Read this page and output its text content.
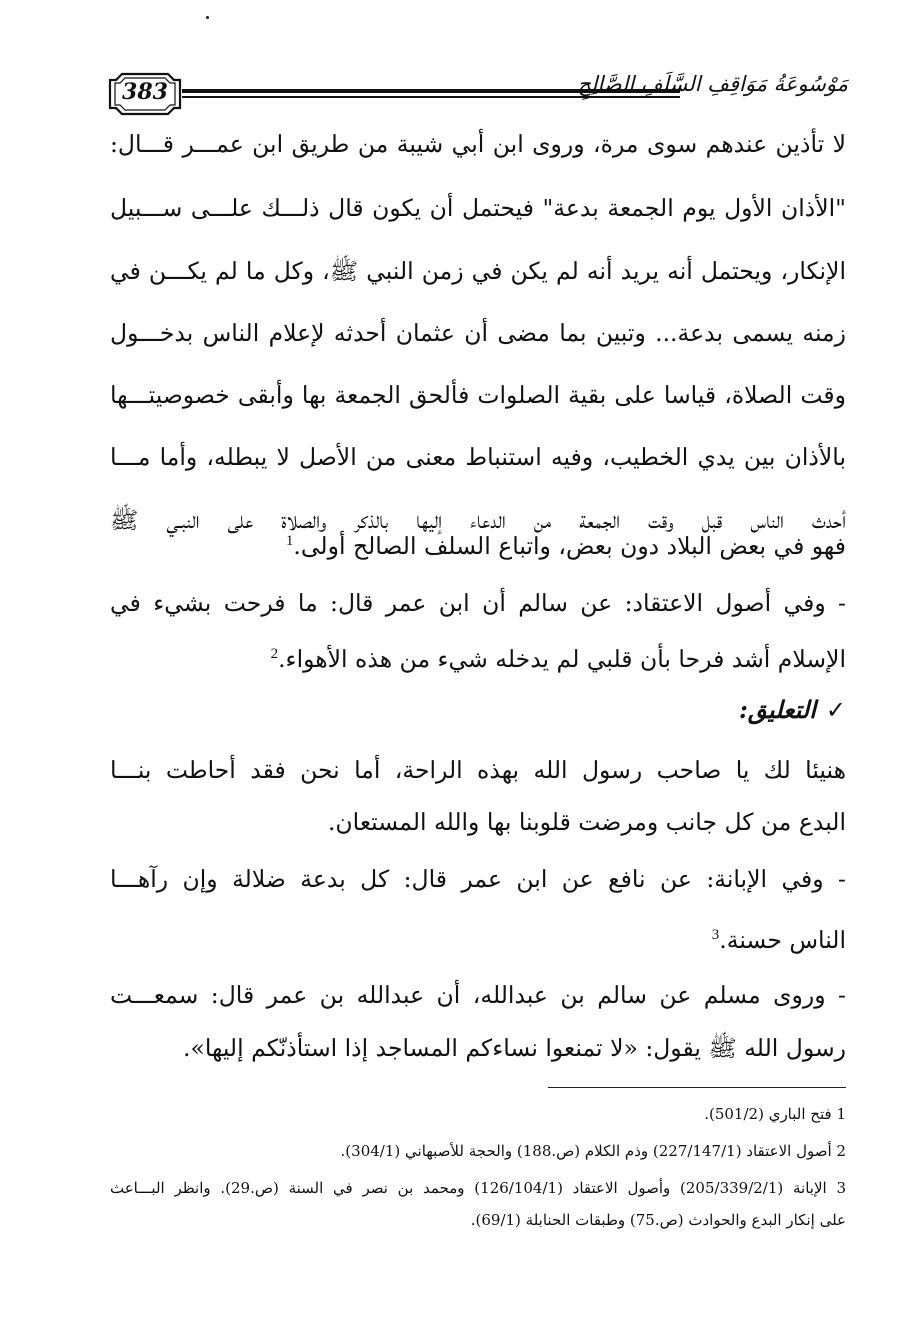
383	مَوْسُوعَةُ مَوَاقِفِ السَّلَفِ الصَّالِحِ
لا تأذين عندهم سوى مرة، وروى ابن أبي شيبة من طريق ابن عمـــر قـــال:
"الأذان الأول يوم الجمعة بدعة" فيحتمل أن يكون قال ذلـــك علـــى ســـبيل
الإنكار، ويحتمل أنه يريد أنه لم يكن في زمن النبي ﷺ، وكل ما لم يكـــن في
زمنه يسمى بدعة... وتبين بما مضى أن عثمان أحدثه لإعلام الناس بدخـــول
وقت الصلاة، قياسا على بقية الصلوات فألحق الجمعة بها وأبقى خصوصيتـــها
بالأذان بين يدي الخطيب، وفيه استنباط معنى من الأصل لا يبطله، وأما مـــا
أحدث الناس قبل وقت الجمعة من الدعاء إليها بالذكر والصلاة على النبـي ﷺ
فهو في بعض البلاد دون بعض، واتباع السلف الصالح أولى.$^1$
- وفي أصول الاعتقاد: عن سالم أن ابن عمر قال: ما فرحت بشيء في
الإسلام أشد فرحا بأن قلبي لم يدخله شيء من هذه الأهواء.$^2$
✓التعليق:
هنيئا لك يا صاحب رسول الله بهذه الراحة، أما نحن فقد أحاطت بنـــا
البدع من كل جانب ومرضت قلوبنا بها والله المستعان.
- وفي الإبانة: عن نافع عن ابن عمر قال: كل بدعة ضلالة وإن رآهـــا
الناس حسنة.$^3$
- وروى مسلم عن سالم بن عبدالله، أن عبدالله بن عمر قال: سمعـــت
رسول الله ﷺ يقول: «لا تمنعوا نساءكم المساجد إذا استأذنّكم إليها».
1 فتح الباري (501/2).
2 أصول الاعتقاد (227/147/1) وذم الكلام (ص.188) والحجة للأصبهاني (304/1).
3 الإبانة (205/339/2/1) وأصول الاعتقاد (126/104/1) ومحمد بن نصر في السنة (ص.29). وانظر البـــاعث
على إنكار البدع والحوادث (ص.75) وطبقات الحنابلة (69/1).
